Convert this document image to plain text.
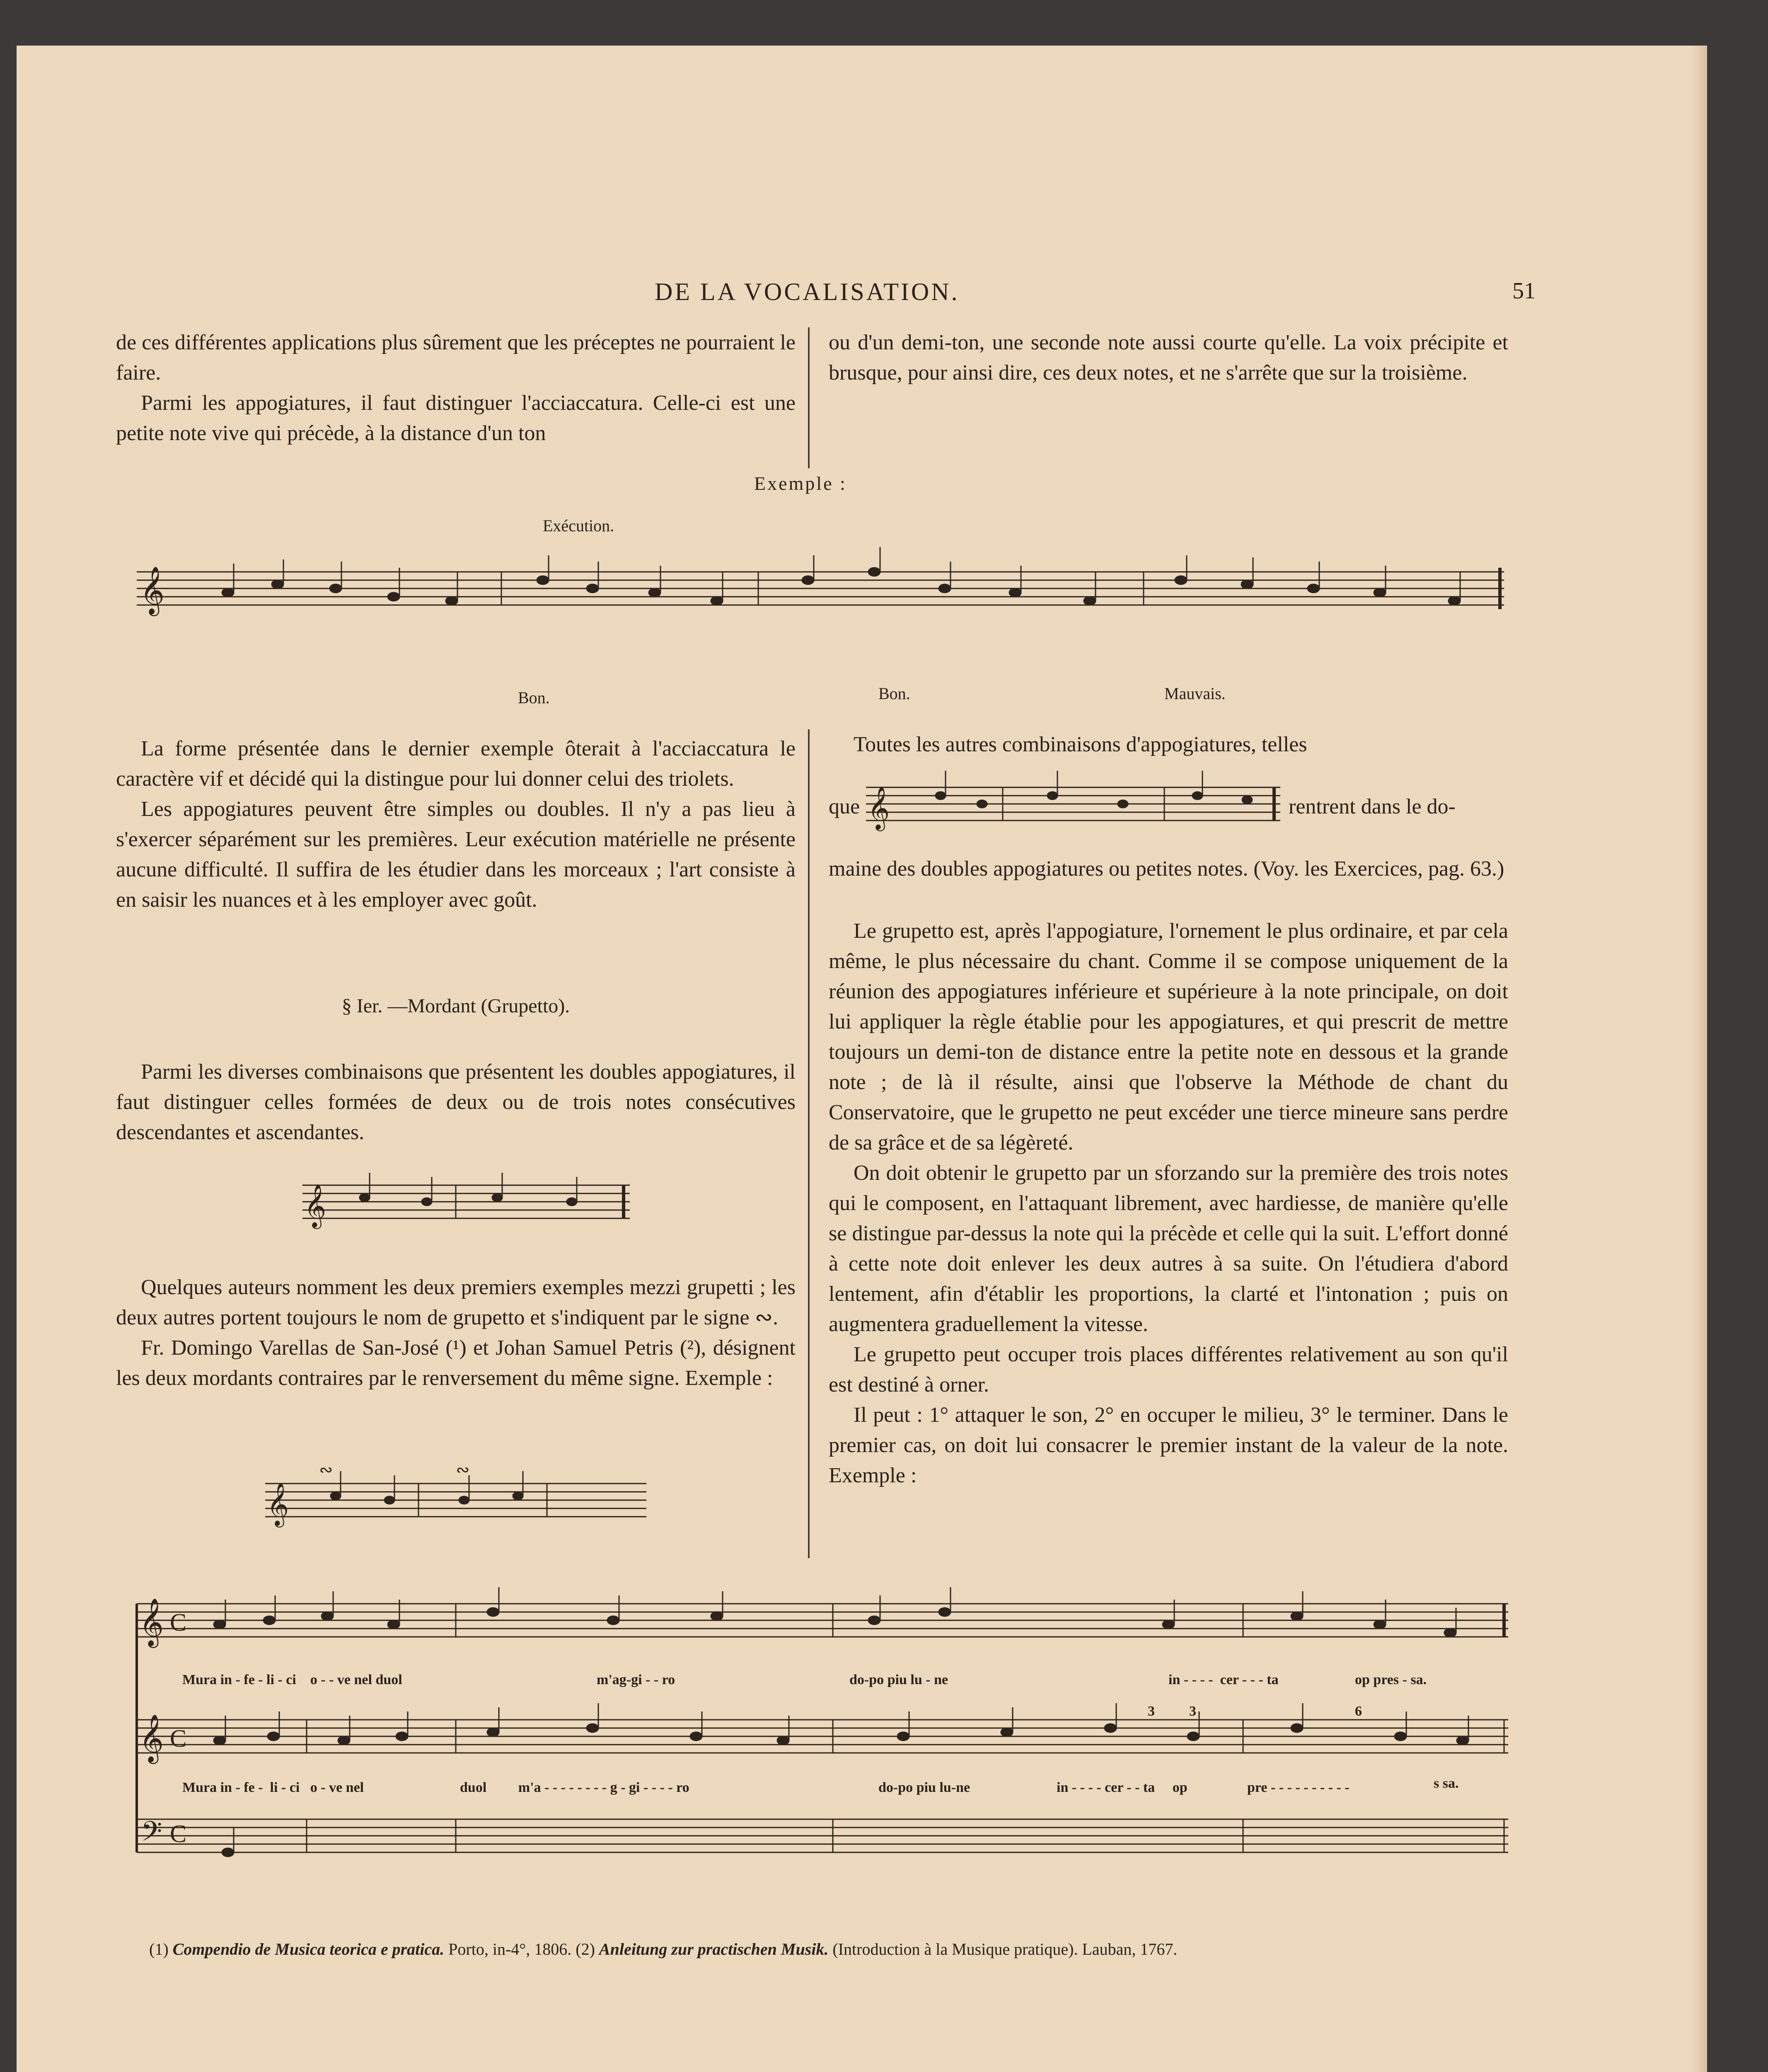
DE LA VOCALISATION.	51
de ces différentes applications plus sûrement que les préceptes ne pourraient le faire.
Parmi les appogiatures, il faut distinguer l'acciaccatura. Celle-ci est une petite note vive qui précède, à la distance d'un ton
ou d'un demi-ton, une seconde note aussi courte qu'elle. La voix précipite et brusque, pour ainsi dire, ces deux notes, et ne s'arrête que sur la troisième.
Exemple :
Exécution.
𝄞
Bon.	Bon.	Mauvais.
La forme présentée dans le dernier exemple ôterait à l'acciaccatura le caractère vif et décidé qui la distingue pour lui donner celui des triolets.
Les appogiatures peuvent être simples ou doubles. Il n'y a pas lieu à s'exercer séparément sur les premières. Leur exécution matérielle ne présente aucune difficulté. Il suffira de les étudier dans les morceaux ; l'art consiste à en saisir les nuances et à les employer avec goût.
§ Ier. —Mordant (Grupetto).
Parmi les diverses combinaisons que présentent les doubles appogiatures, il faut distinguer celles formées de deux ou de trois notes consécutives descendantes et ascendantes.
𝄞
Quelques auteurs nomment les deux premiers exemples mezzi grupetti ; les deux autres portent toujours le nom de grupetto et s'indiquent par le signe ∾.
Fr. Domingo Varellas de San-José (¹) et Johan Samuel Petris (²), désignent les deux mordants contraires par le renversement du même signe. Exemple :
𝄞
∾	∾
Toutes les autres combinaisons d'appogiatures, telles
que 𝄞	rentrent dans le do-
maine des doubles appogiatures ou petites notes. (Voy. les Exercices, pag. 63.)
Le grupetto est, après l'appogiature, l'ornement le plus ordinaire, et par cela même, le plus nécessaire du chant. Comme il se compose uniquement de la réunion des appogiatures inférieure et supérieure à la note principale, on doit lui appliquer la règle établie pour les appogiatures, et qui prescrit de mettre toujours un demi-ton de distance entre la petite note en dessous et la grande note ; de là il résulte, ainsi que l'observe la Méthode de chant du Conservatoire, que le grupetto ne peut excéder une tierce mineure sans perdre de sa grâce et de sa légèreté.
On doit obtenir le grupetto par un sforzando sur la première des trois notes qui le composent, en l'attaquant librement, avec hardiesse, de manière qu'elle se distingue par-dessus la note qui la précède et celle qui la suit. L'effort donné à cette note doit enlever les deux autres à sa suite. On l'étudiera d'abord lentement, afin d'établir les proportions, la clarté et l'intonation ; puis on augmentera graduellement la vitesse.
Le grupetto peut occuper trois places différentes relativement au son qu'il est destiné à orner.
Il peut : 1° attaquer le son, 2° en occuper le milieu, 3° le terminer. Dans le premier cas, on doit lui consacrer le premier instant de la valeur de la note. Exemple :
𝄞
𝄞
𝄢
C
C
C
3 3	6
Mura in - fe - li - ci    o - - ve nel duol	m'ag-gi - - ro	do-po piu lu - ne	in - - - -  cer - - - ta	op pres - sa.
Mura in - fe -  li - ci   o - ve nel	duol         m'a - - - - - - - - g - gi - - - - ro	do-po piu lu-ne	in - - - - cer - - ta     op	pre - - - - - - - - - -	s sa.
(1) Compendio de Musica teorica e pratica. Porto, in-4°, 1806. (2) Anleitung zur practischen Musik. (Introduction à la Musique pratique). Lauban, 1767.
